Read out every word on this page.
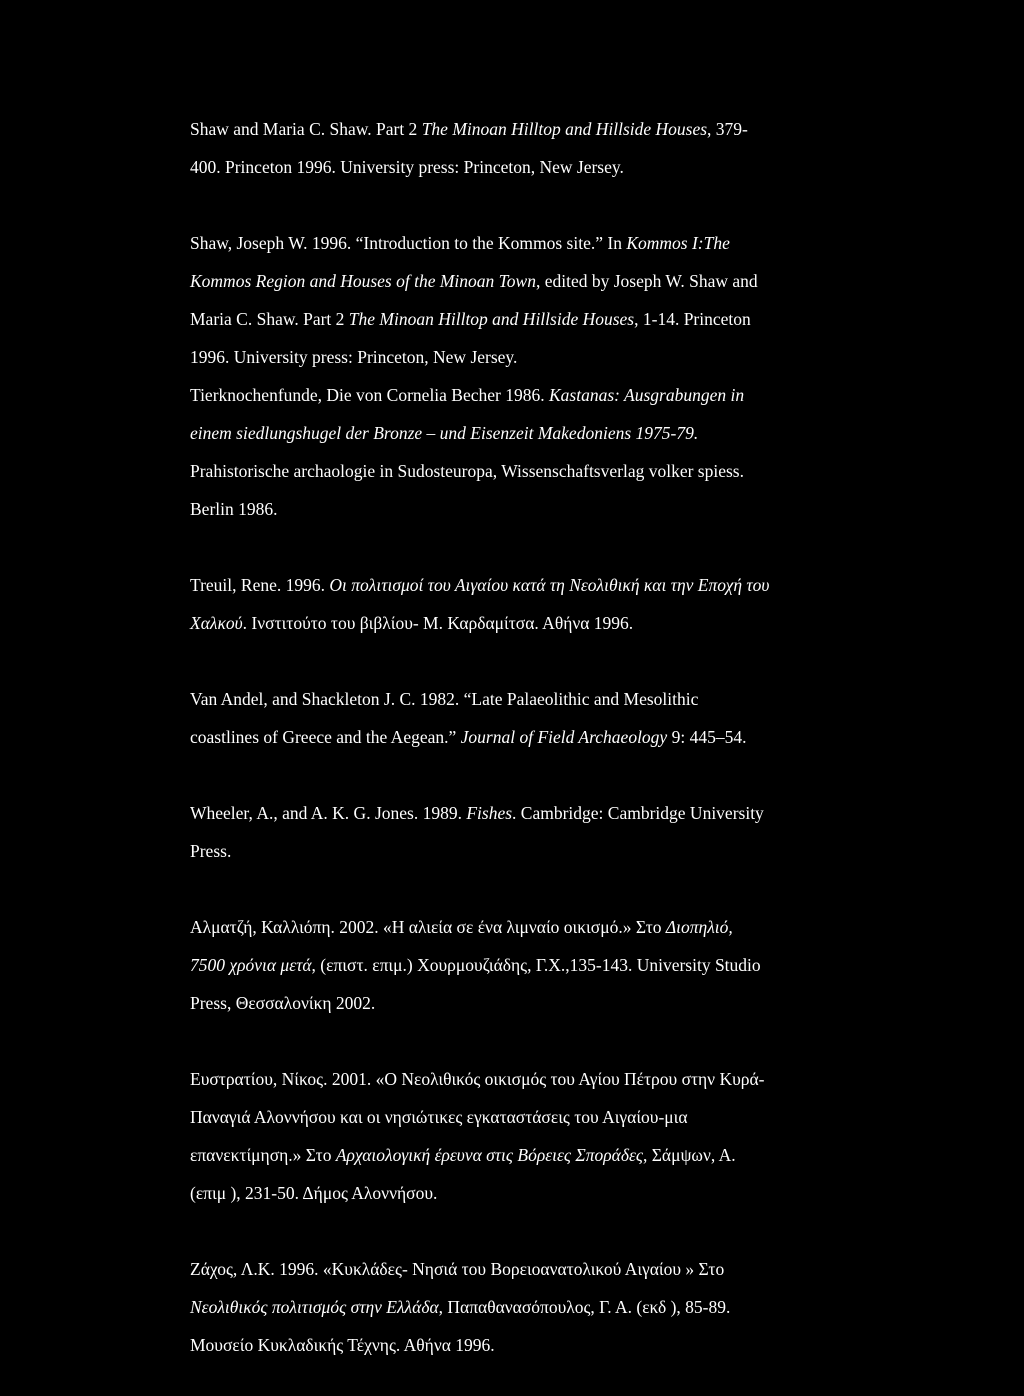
Shaw and Maria C. Shaw. Part 2 The Minoan Hilltop and Hillside Houses, 379-
400. Princeton 1996. University press: Princeton, New Jersey.
Shaw, Joseph W. 1996. “Introduction to the Kommos site.” In Kommos I:The
Kommos Region and Houses of the Minoan Town, edited by Joseph W. Shaw and
Maria C. Shaw. Part 2 The Minoan Hilltop and Hillside Houses, 1-14. Princeton
1996. University press: Princeton, New Jersey.
Tierknochenfunde, Die von Cornelia Becher 1986. Kastanas: Ausgrabungen in
einem siedlungshugel der Bronze – und Eisenzeit Makedoniens 1975-79.
Prahistorische archaologie in Sudosteuropa, Wissenschaftsverlag volker spiess.
Berlin 1986.
Treuil, Rene. 1996. Οι πολιτισμοί του Αιγαίου κατά τη Νεολιθική και την Εποχή του
Χαλκού. Ινστιτούτο του βιβλίου- Μ. Καρδαμίτσα. Αθήνα 1996.
Van Andel, and Shackleton J. C. 1982. “Late Palaeolithic and Mesolithic
coastlines of Greece and the Aegean.” Journal of Field Archaeology 9: 445–54.
Wheeler, A., and A. K. G. Jones. 1989. Fishes. Cambridge: Cambridge University
Press.
Αλματζή, Καλλιόπη. 2002. «Η αλιεία σε ένα λιμναίο οικισμό.» Στο Διοπηλιό,
7500 χρόνια μετά, (επιστ. επιμ.) Χουρμουζιάδης, Γ.Χ.,135-143. University Studio
Press, Θεσσαλονίκη 2002.
Ευστρατίου, Νίκος. 2001. «Ο Νεολιθικός οικισμός του Αγίου Πέτρου στην Κυρά-
Παναγιά Αλοννήσου και οι νησιώτικες εγκαταστάσεις του Αιγαίου-μια
επανεκτίμηση.» Στο Αρχαιολογική έρευνα στις Βόρειες Σποράδες, Σάμψων, Α.
(επιμ ), 231-50. Δήμος Αλοννήσου.
Ζάχος, Λ.Κ. 1996. «Κυκλάδες- Νησιά του Βορειοανατολικού Αιγαίου » Στο
Νεολιθικός πολιτισμός στην Ελλάδα, Παπαθανασόπουλος, Γ. Α. (εκδ ), 85-89.
Μουσείο Κυκλαδικής Τέχνης. Αθήνα 1996.
